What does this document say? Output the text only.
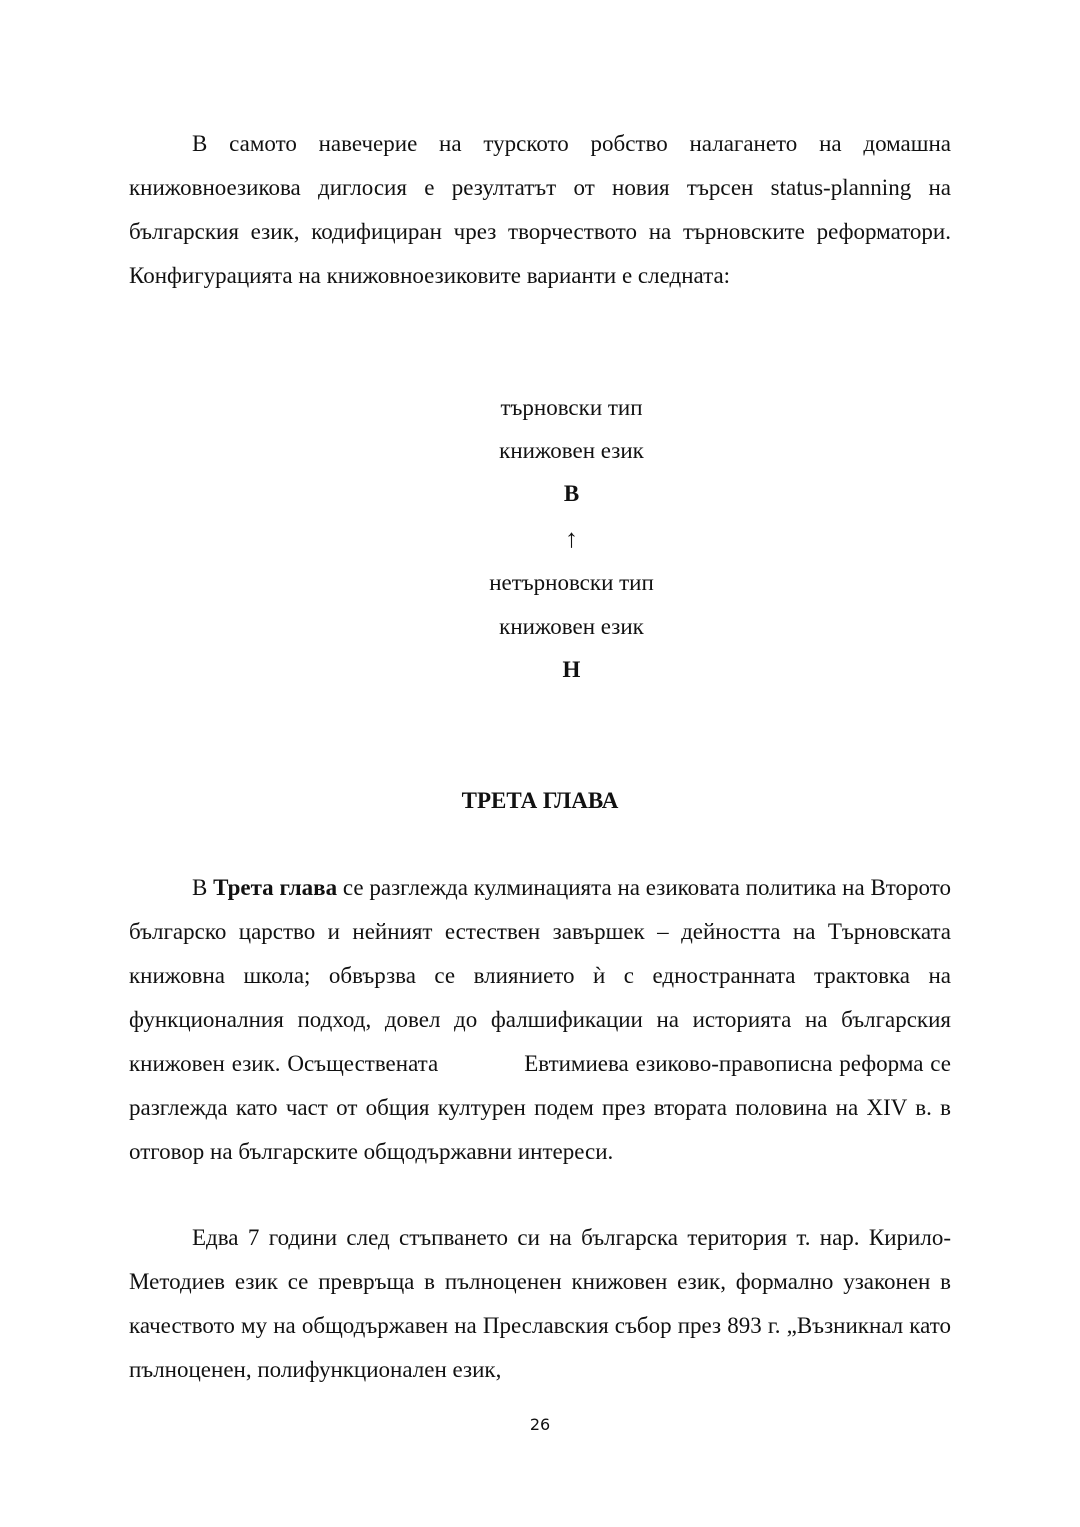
В самото навечерие на турското робство налагането на домашна книжовноезикова диглосия е резултатът от новия търсен status-planning на българския език, кодифициран чрез творчеството на търновските реформатори. Конфигурацията на книжовноезиковите варианти е следната:

търновски тип

книжовен език

В

↑

нетърновски тип

книжовен език

Н

ТРЕТА ГЛАВА

В Трета глава се разглежда кулминацията на езиковата политика на Второто българско царство и нейният естествен завършек – дейността на Търновската книжовна школа; обвързва се влиянието ѝ с едностранната трактовка на функционалния подход, довел до фалшификации на историята на българския книжовен език. Осъществената	Евтимиева езиково-правописна реформа се разглежда като част от общия културен подем през втората половина на XIV в. в отговор на българските общодържавни интереси.

Едва 7 години след стъпването си на българска територия т. нар. Кирило-Методиев език се превръща в пълноценен книжовен език, формално узаконен в качеството му на общодържавен на Преславския събор през 893 г. „Възникнал като пълноценен, полифункционален език,

26
